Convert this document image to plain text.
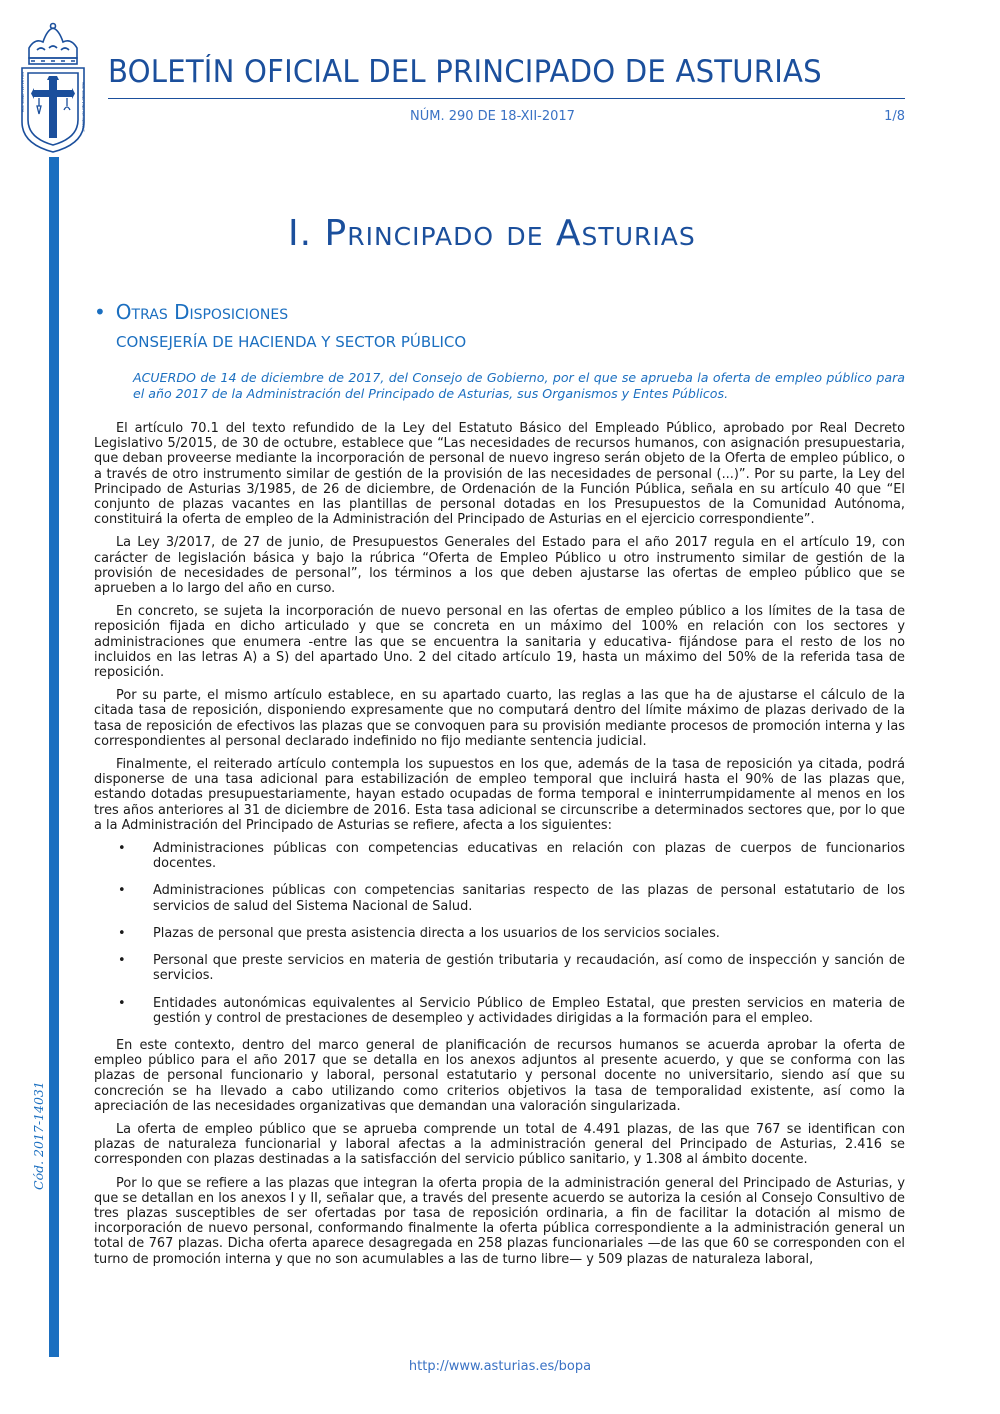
HOC SIGNO TVETVR PIVS	HOC SIGNO VINCITVR INIMICVS
BOLETÍN OFICIAL DEL PRINCIPADO DE ASTURIAS
NÚM. 290 DE 18-XII-2017	1/8
Cód. 2017-14031
I. Principado de Asturias
• Otras Disposiciones
CONSEJERÍA DE HACIENDA Y SECTOR PÚBLICO
ACUERDO de 14 de diciembre de 2017, del Consejo de Gobierno, por el que se aprueba la oferta de empleo público para el año 2017 de la Administración del Principado de Asturias, sus Organismos y Entes Públicos.

El artículo 70.1 del texto refundido de la Ley del Estatuto Básico del Empleado Público, aprobado por Real Decreto Legislativo 5/2015, de 30 de octubre, establece que “Las necesidades de recursos humanos, con asignación presupuestaria, que deban proveerse mediante la incorporación de personal de nuevo ingreso serán objeto de la Oferta de empleo público, o a través de otro instrumento similar de gestión de la provisión de las necesidades de personal (...)”. Por su parte, la Ley del Principado de Asturias 3/1985, de 26 de diciembre, de Ordenación de la Función Pública, señala en su artículo 40 que “El conjunto de plazas vacantes en las plantillas de personal dotadas en los Presupuestos de la Comunidad Autónoma, constituirá la oferta de empleo de la Administración del Principado de Asturias en el ejercicio correspondiente”.

La Ley 3/2017, de 27 de junio, de Presupuestos Generales del Estado para el año 2017 regula en el artículo 19, con carácter de legislación básica y bajo la rúbrica “Oferta de Empleo Público u otro instrumento similar de gestión de la provisión de necesidades de personal”, los términos a los que deben ajustarse las ofertas de empleo público que se aprueben a lo largo del año en curso.

En concreto, se sujeta la incorporación de nuevo personal en las ofertas de empleo público a los límites de la tasa de reposición fijada en dicho articulado y que se concreta en un máximo del 100% en relación con los sectores y administraciones que enumera -entre las que se encuentra la sanitaria y educativa- fijándose para el resto de los no incluidos en las letras A) a S) del apartado Uno. 2 del citado artículo 19, hasta un máximo del 50% de la referida tasa de reposición.

Por su parte, el mismo artículo establece, en su apartado cuarto, las reglas a las que ha de ajustarse el cálculo de la citada tasa de reposición, disponiendo expresamente que no computará dentro del límite máximo de plazas derivado de la tasa de reposición de efectivos las plazas que se convoquen para su provisión mediante procesos de promoción interna y las correspondientes al personal declarado indefinido no fijo mediante sentencia judicial.

Finalmente, el reiterado artículo contempla los supuestos en los que, además de la tasa de reposición ya citada, podrá disponerse de una tasa adicional para estabilización de empleo temporal que incluirá hasta el 90% de las plazas que, estando dotadas presupuestariamente, hayan estado ocupadas de forma temporal e ininterrumpidamente al menos en los tres años anteriores al 31 de diciembre de 2016. Esta tasa adicional se circunscribe a determinados sectores que, por lo que a la Administración del Principado de Asturias se refiere, afecta a los siguientes:

• Administraciones públicas con competencias educativas en relación con plazas de cuerpos de funcionarios docentes.
• Administraciones públicas con competencias sanitarias respecto de las plazas de personal estatutario de los servicios de salud del Sistema Nacional de Salud.
• Plazas de personal que presta asistencia directa a los usuarios de los servicios sociales.
• Personal que preste servicios en materia de gestión tributaria y recaudación, así como de inspección y sanción de servicios.
• Entidades autonómicas equivalentes al Servicio Público de Empleo Estatal, que presten servicios en materia de gestión y control de prestaciones de desempleo y actividades dirigidas a la formación para el empleo.

En este contexto, dentro del marco general de planificación de recursos humanos se acuerda aprobar la oferta de empleo público para el año 2017 que se detalla en los anexos adjuntos al presente acuerdo, y que se conforma con las plazas de personal funcionario y laboral, personal estatutario y personal docente no universitario, siendo así que su concreción se ha llevado a cabo utilizando como criterios objetivos la tasa de temporalidad existente, así como la apreciación de las necesidades organizativas que demandan una valoración singularizada.

La oferta de empleo público que se aprueba comprende un total de 4.491 plazas, de las que 767 se identifican con plazas de naturaleza funcionarial y laboral afectas a la administración general del Principado de Asturias, 2.416 se corresponden con plazas destinadas a la satisfacción del servicio público sanitario, y 1.308 al ámbito docente.

Por lo que se refiere a las plazas que integran la oferta propia de la administración general del Principado de Asturias, y que se detallan en los anexos I y II, señalar que, a través del presente acuerdo se autoriza la cesión al Consejo Consultivo de tres plazas susceptibles de ser ofertadas por tasa de reposición ordinaria, a fin de facilitar la dotación al mismo de incorporación de nuevo personal, conformando finalmente la oferta pública correspondiente a la administración general un total de 767 plazas. Dicha oferta aparece desagregada en 258 plazas funcionariales —de las que 60 se corresponden con el turno de promoción interna y que no son acumulables a las de turno libre— y 509 plazas de naturaleza laboral,

http://www.asturias.es/bopa
